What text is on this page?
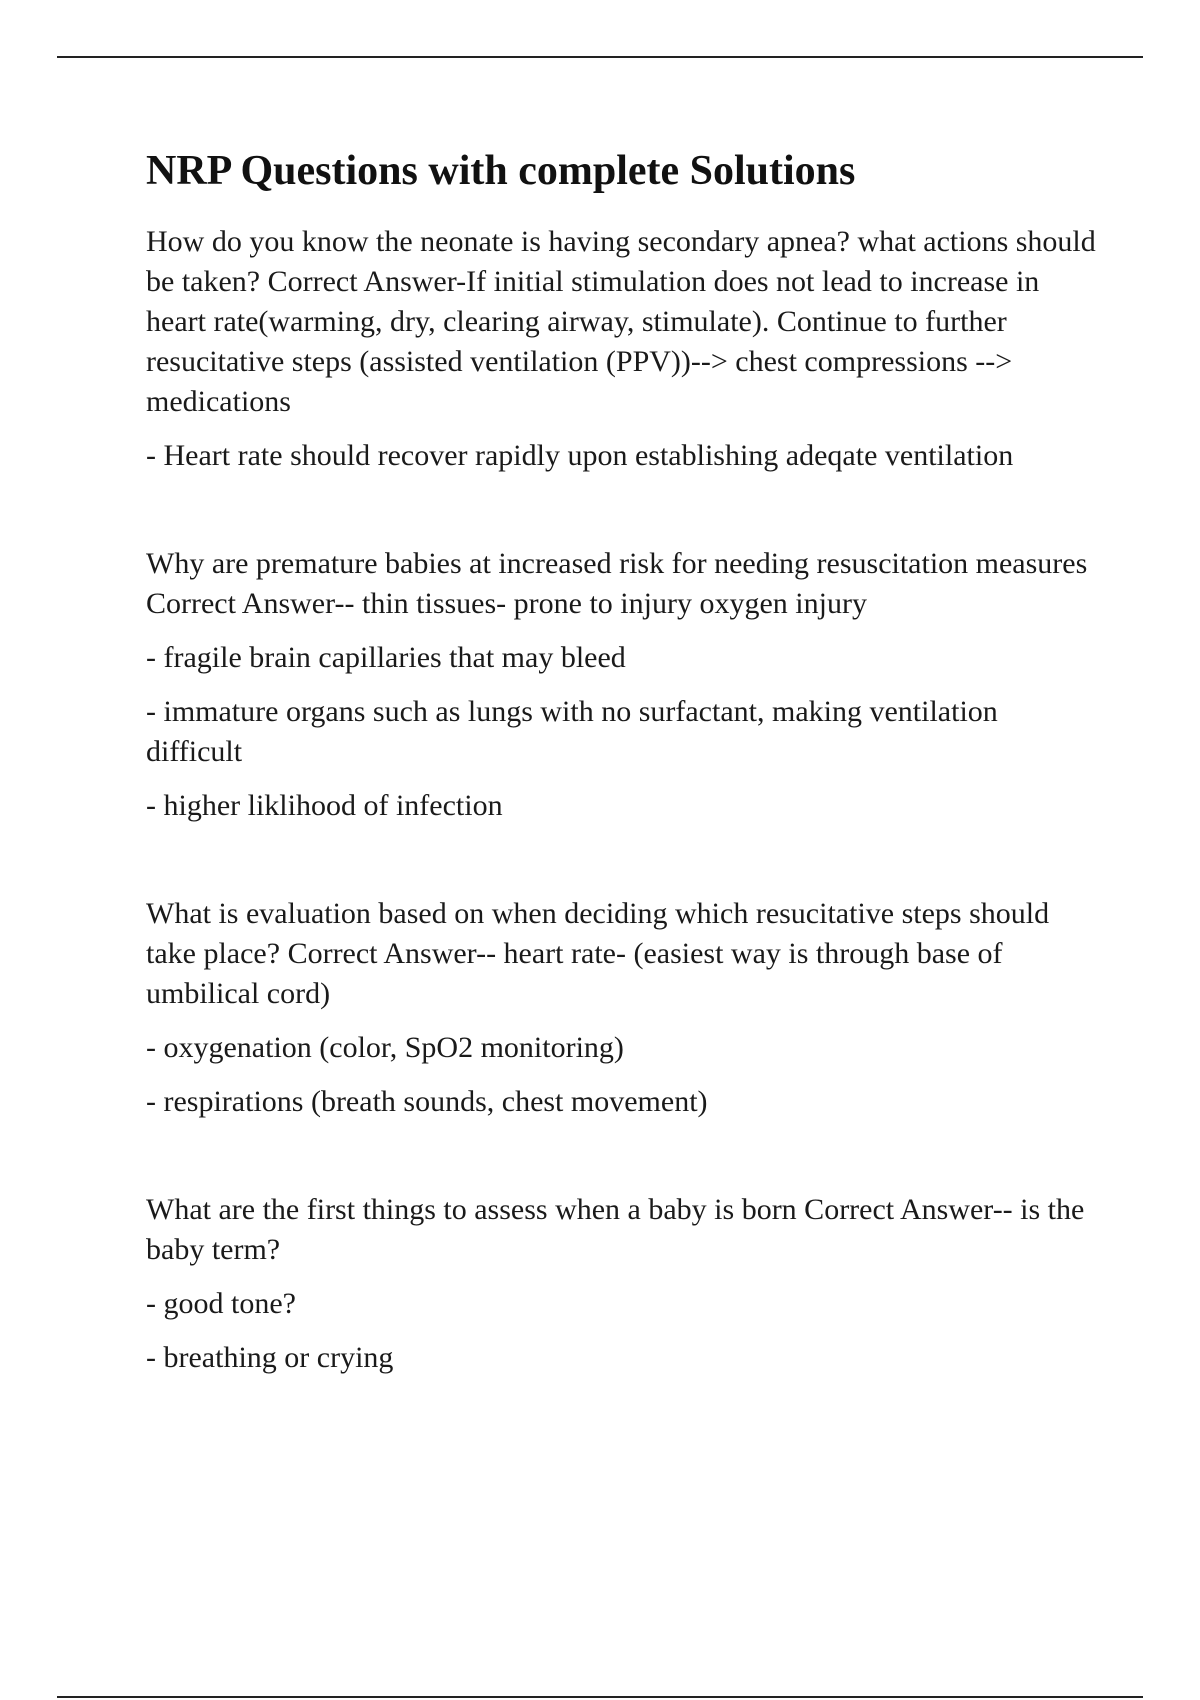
NRP Questions with complete Solutions

How do you know the neonate is having secondary apnea? what actions should be taken? Correct Answer-If initial stimulation does not lead to increase in heart rate(warming, dry, clearing airway, stimulate). Continue to further resucitative steps (assisted ventilation (PPV))--> chest compressions --> medications

- Heart rate should recover rapidly upon establishing adeqate ventilation

Why are premature babies at increased risk for needing resuscitation measures Correct Answer-- thin tissues- prone to injury oxygen injury

- fragile brain capillaries that may bleed

- immature organs such as lungs with no surfactant, making ventilation difficult

- higher liklihood of infection

What is evaluation based on when deciding which resucitative steps should take place? Correct Answer-- heart rate- (easiest way is through base of umbilical cord)

- oxygenation (color, SpO2 monitoring)

- respirations (breath sounds, chest movement)

What are the first things to assess when a baby is born Correct Answer-- is the baby term?

- good tone?

- breathing or crying
